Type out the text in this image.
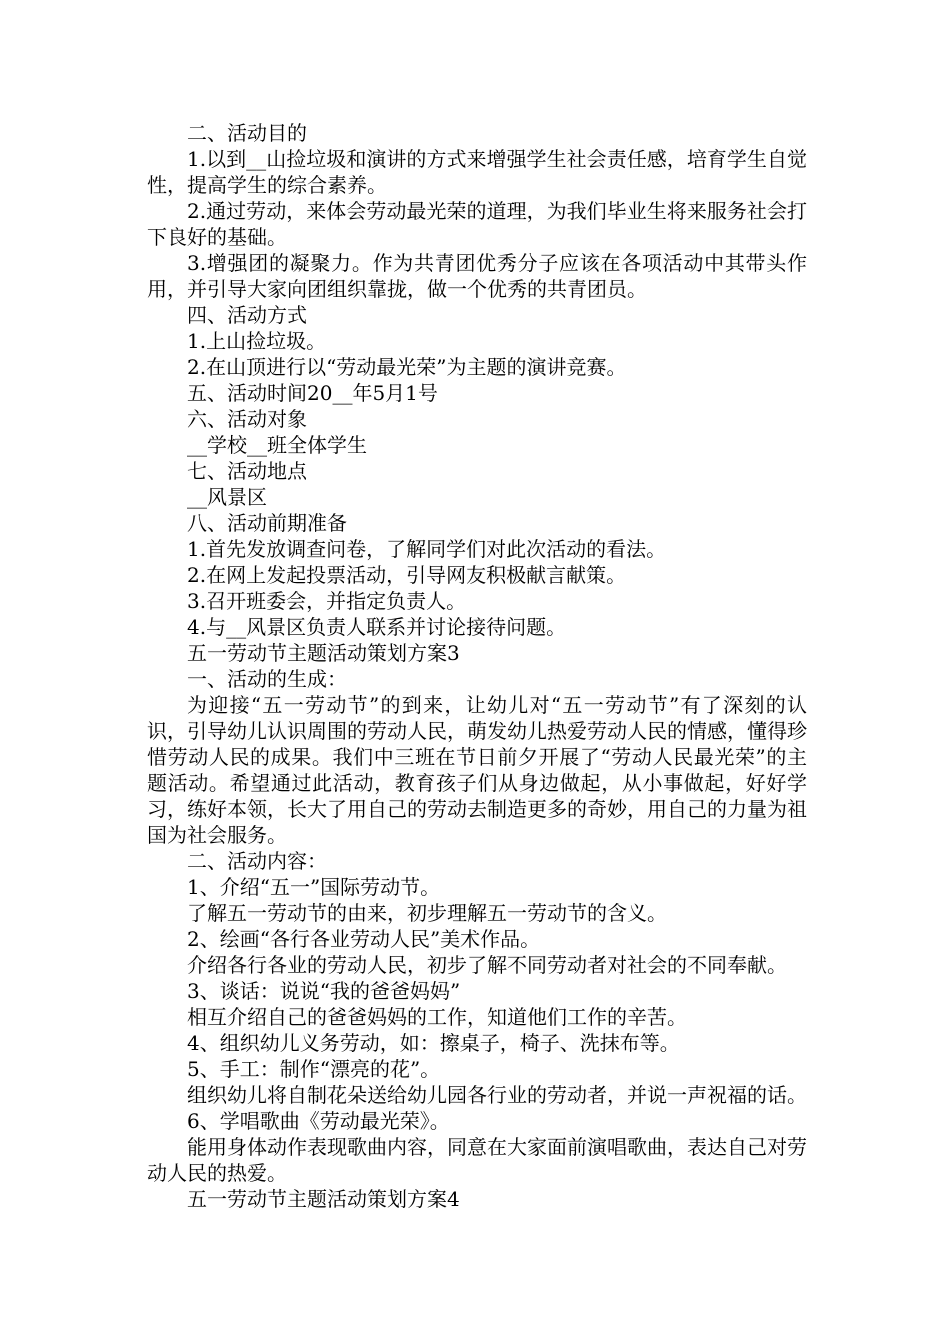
二、活动目的

1.以到__山捡垃圾和演讲的方式来增强学生社会责任感，培育学生自觉性，提高学生的综合素养。

2.通过劳动，来体会劳动最光荣的道理，为我们毕业生将来服务社会打下良好的基础。

3.增强团的凝聚力。作为共青团优秀分子应该在各项活动中其带头作用，并引导大家向团组织靠拢，做一个优秀的共青团员。

四、活动方式

1.上山捡垃圾。

2.在山顶进行以“劳动最光荣”为主题的演讲竞赛。

五、活动时间20__年5月1号

六、活动对象

__学校__班全体学生

七、活动地点

__风景区

八、活动前期准备

1.首先发放调查问卷，了解同学们对此次活动的看法。

2.在网上发起投票活动，引导网友积极献言献策。

3.召开班委会，并指定负责人。

4.与__风景区负责人联系并讨论接待问题。

五一劳动节主题活动策划方案3

一、活动的生成：

为迎接“五一劳动节”的到来，让幼儿对“五一劳动节”有了深刻的认识，引导幼儿认识周围的劳动人民，萌发幼儿热爱劳动人民的情感，懂得珍惜劳动人民的成果。我们中三班在节日前夕开展了“劳动人民最光荣”的主题活动。希望通过此活动，教育孩子们从身边做起，从小事做起，好好学习，练好本领，长大了用自己的劳动去制造更多的奇妙，用自己的力量为祖国为社会服务。

二、活动内容：

1、介绍“五一”国际劳动节。

了解五一劳动节的由来，初步理解五一劳动节的含义。

2、绘画“各行各业劳动人民”美术作品。

介绍各行各业的劳动人民，初步了解不同劳动者对社会的不同奉献。

3、谈话：说说“我的爸爸妈妈”

相互介绍自己的爸爸妈妈的工作，知道他们工作的辛苦。

4、组织幼儿义务劳动，如：擦桌子，椅子、洗抹布等。

5、手工：制作“漂亮的花”。

组织幼儿将自制花朵送给幼儿园各行业的劳动者，并说一声祝福的话。

6、学唱歌曲《劳动最光荣》。

能用身体动作表现歌曲内容，同意在大家面前演唱歌曲，表达自己对劳动人民的热爱。

五一劳动节主题活动策划方案4
